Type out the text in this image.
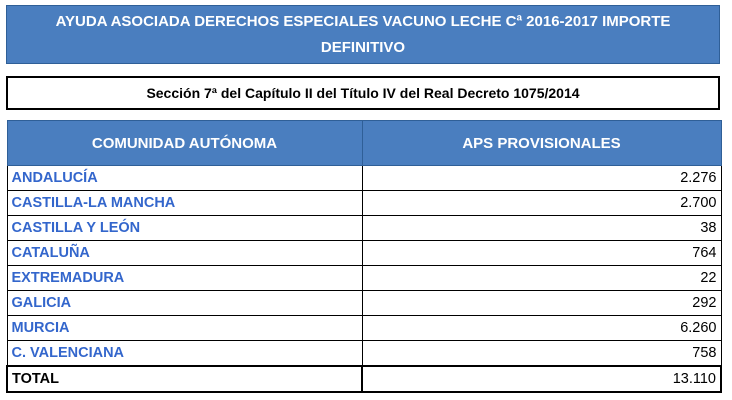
AYUDA ASOCIADA DERECHOS ESPECIALES VACUNO LECHE Cª 2016-2017 IMPORTE DEFINITIVO
Sección 7ª del Capítulo II del Título IV del Real Decreto 1075/2014
COMUNIDAD AUTÓNOMA	APS PROVISIONALES
ANDALUCÍA	2.276
CASTILLA-LA MANCHA	2.700
CASTILLA Y LEÓN	38
CATALUÑA	764
EXTREMADURA	22
GALICIA	292
MURCIA	6.260
C. VALENCIANA	758
TOTAL	13.110
